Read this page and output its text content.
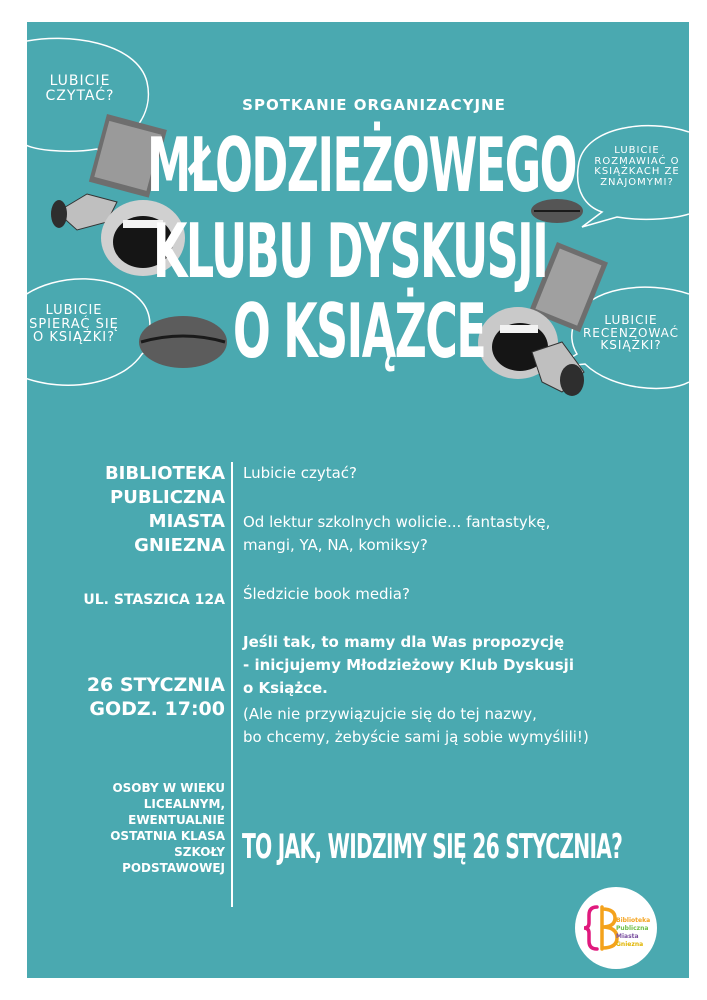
LUBICIE CZYTAĆ?
LUBICIE ROZMAWIAĆ O KSIĄŻKACH ZE ZNAJOMYMI?
LUBICIE SPIERAĆ SIĘ O KSIĄŻKI?
LUBICIE RECENZOWAĆ KSIĄŻKI?
SPOTKANIE ORGANIZACYJNE
MŁODZIEŻOWEGO
KLUBU DYSKUSJI
O KSIĄŻCE
BIBLIOTEKA
PUBLICZNA
MIASTA
GNIEZNA
UL. STASZICA 12A
26 STYCZNIA
GODZ. 17:00
OSOBY W WIEKU
LICEALNYM,
EWENTUALNIE
OSTATNIA KLASA
SZKOŁY
PODSTAWOWEJ
Lubicie czytać?
Od lektur szkolnych wolicie... fantastykę,
mangi, YA, NA, komiksy?
Śledzicie book media?
Jeśli tak, to mamy dla Was propozycję
- inicjujemy Młodzieżowy Klub Dyskusji
o Książce.
(Ale nie przywiązujcie się do tej nazwy,
bo chcemy, żebyście sami ją sobie wymyślili!)
TO JAK, WIDZIMY SIĘ 26 STYCZNIA?
Biblioteka
Publiczna
Miasta
Gniezna
